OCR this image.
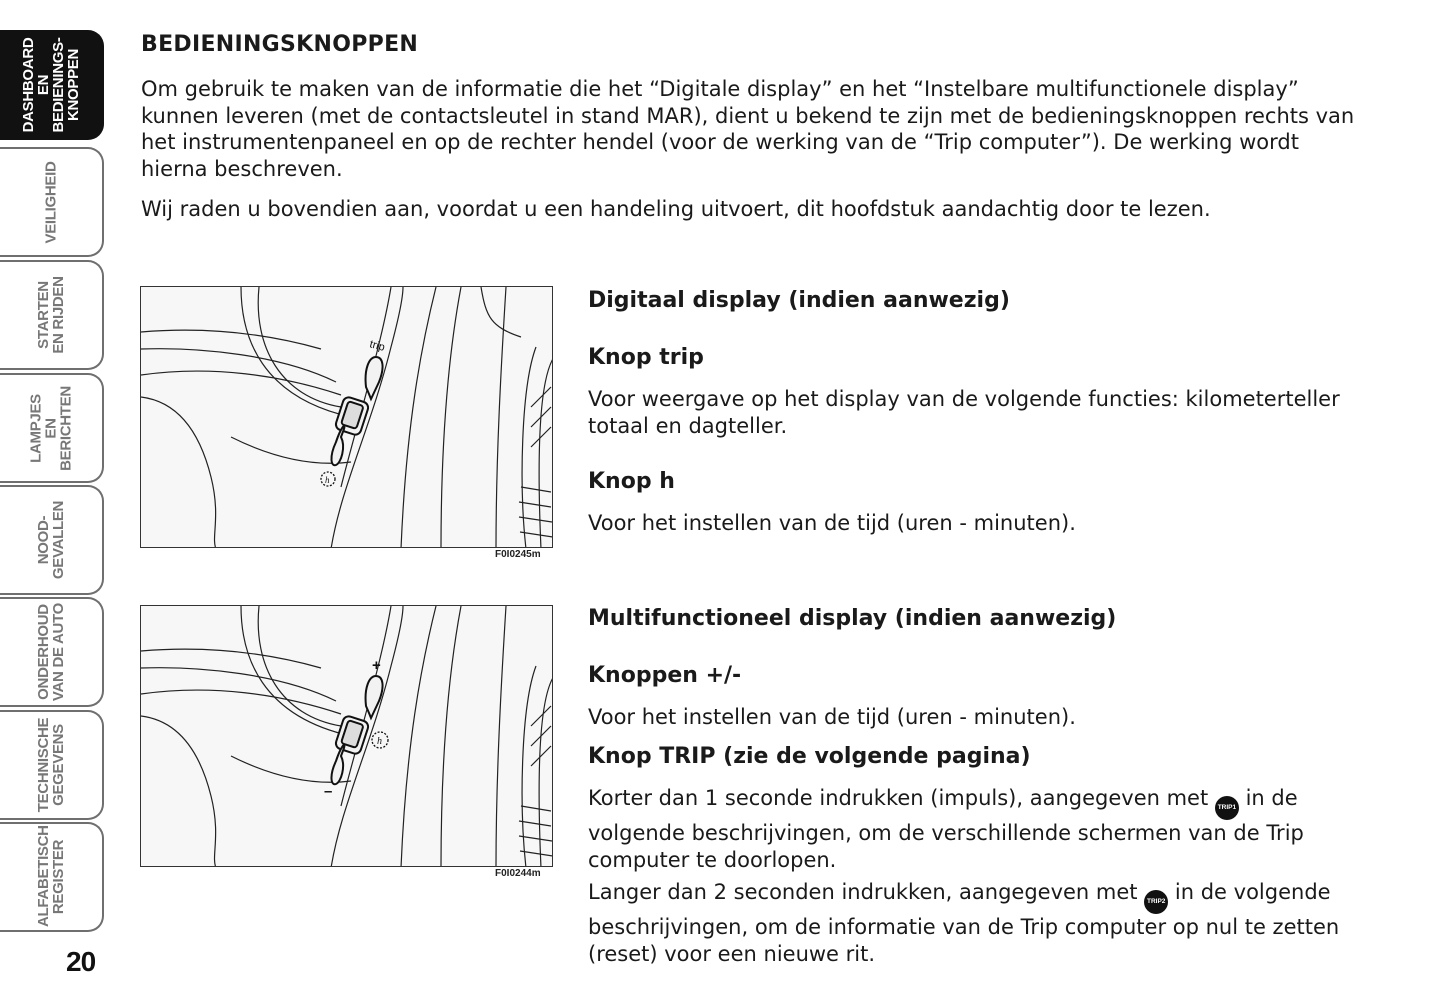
DASHBOARD
EN BEDIENINGS-
KNOPPEN
VEILIGHEID
STARTEN
EN RIJDEN
LAMPJES
EN
BERICHTEN
NOOD-
GEVALLEN
ONDERHOUD
VAN DE AUTO
TECHNISCHE
GEGEVENS
ALFABETISCH
REGISTER
20
BEDIENINGSKNOPPEN

Om gebruik te maken van de informatie die het “Digitale display” en het “Instelbare multifunctionele display” kunnen leveren (met de contactsleutel in stand MAR), dient u bekend te zijn met de bedieningsknoppen rechts van het instrumentenpaneel en op de rechter hendel (voor de werking van de “Trip computer”). De werking wordt hierna beschreven.

Wij raden u bovendien aan, voordat u een handeling uitvoert, dit hoofdstuk aandachtig door te lezen.

h
trip
F0I0245m
h
+
–
F0I0244m
Digitaal display (indien aanwezig)
Knop trip

Voor weergave op het display van de volgende functies: kilometerteller totaal en dagteller.

Knop h

Voor het instellen van de tijd (uren - minuten).

Multifunctioneel display (indien aanwezig)
Knoppen +/-

Voor het instellen van de tijd (uren - minuten).

Knop TRIP (zie de volgende pagina)

Korter dan 1 seconde indrukken (impuls), aangegeven met TRIP1 in de volgende beschrijvingen, om de verschillende schermen van de Trip computer te doorlopen.

Langer dan 2 seconden indrukken, aangegeven met TRIP2 in de volgende beschrijvingen, om de informatie van de Trip computer op nul te zetten (reset) voor een nieuwe rit.
